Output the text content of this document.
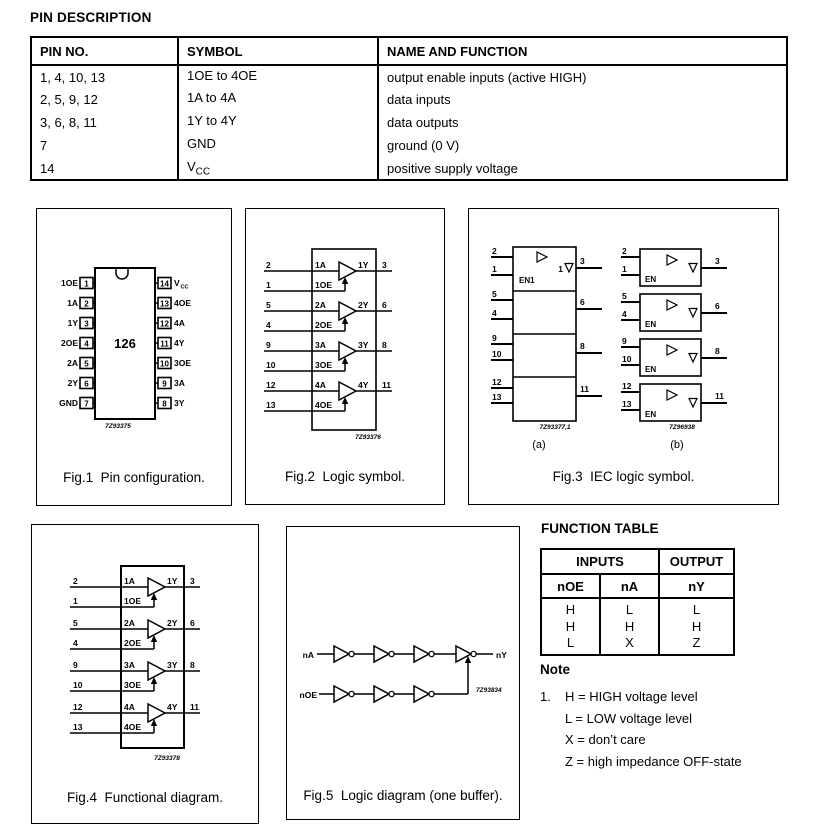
PIN DESCRIPTION
PIN NO.	SYMBOL	NAME AND FUNCTION
1, 4, 10, 13	1OE to 4OE	output enable inputs (active HIGH)
2, 5, 9, 12	1A to 4A	data inputs
3, 6, 8, 11	1Y to 4Y	data outputs
7	GND	ground (0 V)
14	$V_{CC}$	positive supply voltage
126
7Z93375
1OE 1
1A 2
1Y 3
2OE 4
2A 5
2Y 6
GND 7
14 V CC
13 4OE
12 4A
11 4Y
10 3OE
9 3A
8 3Y
Fig.1  Pin configuration.
2	1A	1Y 3
1	1OE
5	2A	2Y 6
4	2OE
9	3A	3Y 8
10	3OE
12	4A	4Y 11
13	4OE
7Z93376
Fig.2  Logic symbol.
1
EN1
2
1
3
5
4
6
9
10
8
12
13
11
7Z93377,1
(a)
EN
2
1
3
EN
5
4
6
EN
9
10
8
EN
12
13
11
7Z96938
(b)
Fig.3  IEC logic symbol.
2	1A	1Y 3
1	1OE
5	2A	2Y 6
4	2OE
9	3A	3Y 8
10	3OE
12	4A	4Y 11
13	4OE
7Z93378
Fig.4  Functional diagram.
nA	nY
nOE	7Z93834
Fig.5  Logic diagram (one buffer).
FUNCTION TABLE
INPUTS		OUTPUT
nOE	nA	nY
H	L	L
H	H	H
L	X	Z
Note
1.	H = HIGH voltage level
L = LOW voltage level
X = don’t care
Z = high impedance OFF-state
